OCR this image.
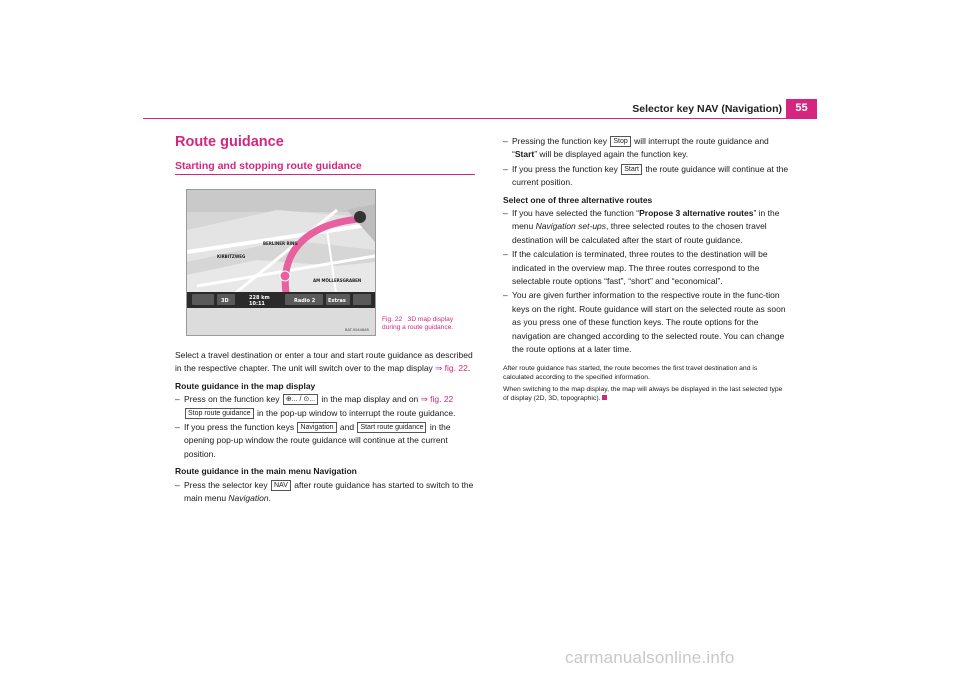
Selector key NAV (Navigation)	55
Route guidance
Starting and stopping route guidance
BERLINER RING
KIRBITZWEG
AM MÖLLERSGRABEN
3D	228 km
10:11	Radio 2	Extras
BAT-0044648
Fig. 22 3D map display during a route guidance.

Select a travel destination or enter a tour and start route guidance as described in the respective chapter. The unit will switch over to the map display ⇒ fig. 22.

Route guidance in the map display

– Press on the function key ⊕... / ⊙... in the map display and on ⇒ fig. 22 Stop route guidance in the pop-up window to interrupt the route guidance.

– If you press the function keys Navigation and Start route guidance in the opening pop-up window the route guidance will continue at the current position.

Route guidance in the main menu Navigation

– Press the selector key NAV after route guidance has started to switch to the main menu Navigation.

– Pressing the function key Stop will interrupt the route guidance and “Start” will be displayed again the function key.

– If you press the function key Start the route guidance will continue at the current position.

Select one of three alternative routes

– If you have selected the function “Propose 3 alternative routes” in the menu Navigation set-ups, three selected routes to the chosen travel destination will be calculated after the start of route guidance.

– If the calculation is terminated, three routes to the destination will be indicated in the overview map. The three routes correspond to the selectable route options “fast”, “short” and “economical”.

– You are given further information to the respective route in the func-tion keys on the right. Route guidance will start on the selected route as soon as you press one of these function keys. The route options for the navigation are changed according to the selected route. You can change the route options at a later time.

After route guidance has started, the route becomes the first travel destination and is calculated according to the specified information.

When switching to the map display, the map will always be displayed in the last selected type of display (2D, 3D, topographic).

carmanualsonline.info
